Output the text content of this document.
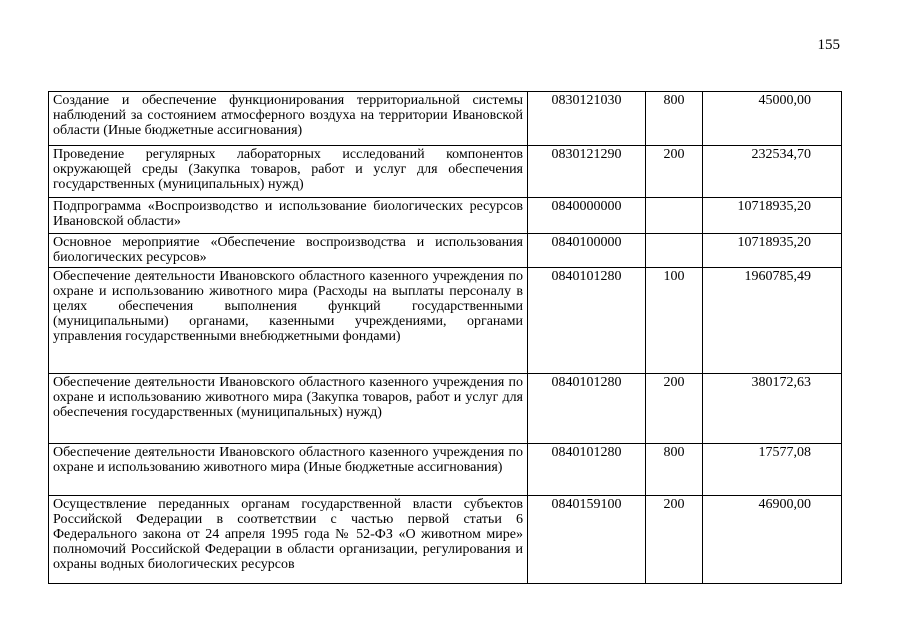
155
Создание и обеспечение функционирования территориальной системы наблюдений за состоянием атмосферного воздуха на территории Ивановской области (Иные бюджетные ассигнования)	0830121030	800	45000,00
Проведение регулярных лабораторных исследований компонентов окружающей среды (Закупка товаров, работ и услуг для обеспечения государственных (муниципальных) нужд)	0830121290	200	232534,70
Подпрограмма «Воспроизводство и использование биологических ресурсов Ивановской области»	0840000000		10718935,20
Основное мероприятие «Обеспечение воспроизводства и использования биологических ресурсов»	0840100000		10718935,20
Обеспечение деятельности Ивановского областного казенного учреждения по охране и использованию животного мира (Расходы на выплаты персоналу в целях обеспечения выполнения функций государственными (муниципальными) органами, казенными учреждениями, органами управления государственными внебюджетными фондами)	0840101280	100	1960785,49
Обеспечение деятельности Ивановского областного казенного учреждения по охране и использованию животного мира (Закупка товаров, работ и услуг для обеспечения государственных (муниципальных) нужд)	0840101280	200	380172,63
Обеспечение деятельности Ивановского областного казенного учреждения по охране и использованию животного мира (Иные бюджетные ассигнования)	0840101280	800	17577,08
Осуществление переданных органам государственной власти субъектов Российской Федерации в соответствии с частью первой статьи 6 Федерального закона от 24 апреля 1995 года № 52-ФЗ «О животном мире» полномочий Российской Федерации в области организации, регулирования и охраны водных биологических ресурсов	0840159100	200	46900,00
